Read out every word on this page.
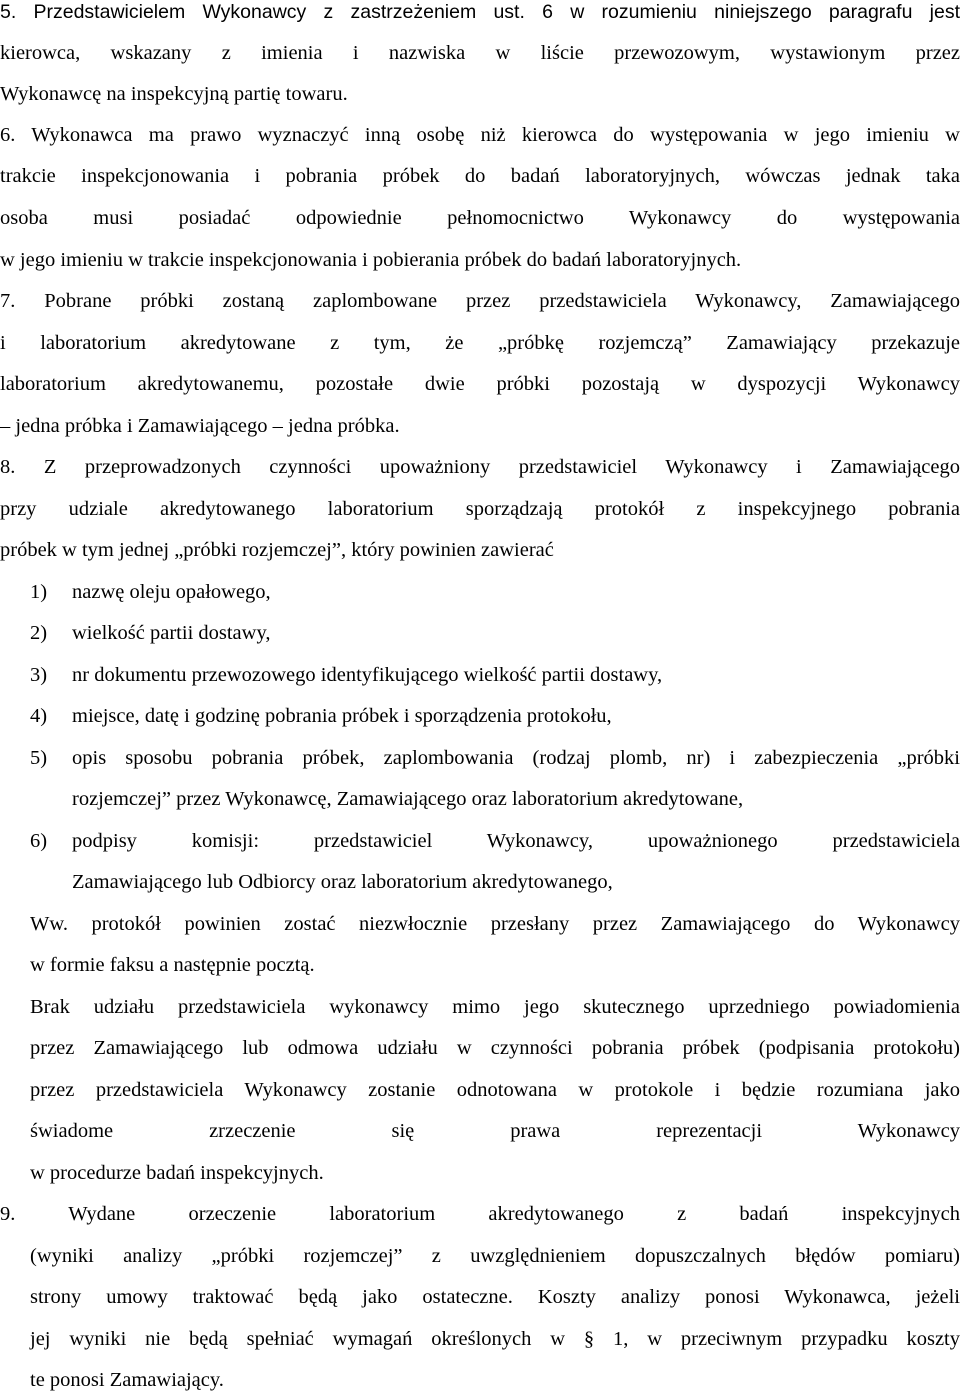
5. Przedstawicielem Wykonawcy z zastrzeżeniem ust. 6 w rozumieniu niniejszego paragrafu jest
kierowca, wskazany z imienia i nazwiska w liście przewozowym, wystawionym przez
Wykonawcę na inspekcyjną partię towaru.
6. Wykonawca ma prawo wyznaczyć inną osobę niż kierowca do występowania w jego imieniu w
trakcie inspekcjonowania i pobrania próbek do badań laboratoryjnych, wówczas jednak taka
osoba musi posiadać odpowiednie pełnomocnictwo Wykonawcy do występowania
w jego imieniu w trakcie inspekcjonowania i pobierania próbek do badań laboratoryjnych.
7. Pobrane próbki zostaną zaplombowane przez przedstawiciela Wykonawcy, Zamawiającego
i laboratorium akredytowane z tym, że „próbkę rozjemczą” Zamawiający przekazuje
laboratorium akredytowanemu, pozostałe dwie próbki pozostają w dyspozycji Wykonawcy
– jedna próbka i Zamawiającego – jedna próbka.
8. Z przeprowadzonych czynności upoważniony przedstawiciel Wykonawcy i Zamawiającego
przy udziale akredytowanego laboratorium sporządzają protokół z inspekcyjnego pobrania
próbek w tym jednej „próbki rozjemczej”, który powinien zawierać
1) nazwę oleju opałowego,
2) wielkość partii dostawy,
3) nr dokumentu przewozowego identyfikującego wielkość partii dostawy,
4) miejsce, datę i godzinę pobrania próbek i sporządzenia protokołu,
5) opis sposobu pobrania próbek, zaplombowania (rodzaj plomb, nr) i zabezpieczenia „próbki
rozjemczej” przez Wykonawcę, Zamawiającego oraz laboratorium akredytowane,
6) podpisy komisji: przedstawiciel Wykonawcy, upoważnionego przedstawiciela
Zamawiającego lub Odbiorcy oraz laboratorium akredytowanego,
Ww. protokół powinien zostać niezwłocznie przesłany przez Zamawiającego do Wykonawcy
w formie faksu a następnie pocztą.
Brak udziału przedstawiciela wykonawcy mimo jego skutecznego uprzedniego powiadomienia
przez Zamawiającego lub odmowa udziału w czynności pobrania próbek (podpisania protokołu)
przez przedstawiciela Wykonawcy zostanie odnotowana w protokole i będzie rozumiana jako
świadome zrzeczenie się prawa reprezentacji Wykonawcy
w procedurze badań inspekcyjnych.
9. Wydane orzeczenie laboratorium akredytowanego z badań inspekcyjnych
(wyniki analizy „próbki rozjemczej” z uwzględnieniem dopuszczalnych błędów pomiaru)
strony umowy traktować będą jako ostateczne. Koszty analizy ponosi Wykonawca, jeżeli
jej wyniki nie będą spełniać wymagań określonych w § 1, w przeciwnym przypadku koszty
te ponosi Zamawiający.
